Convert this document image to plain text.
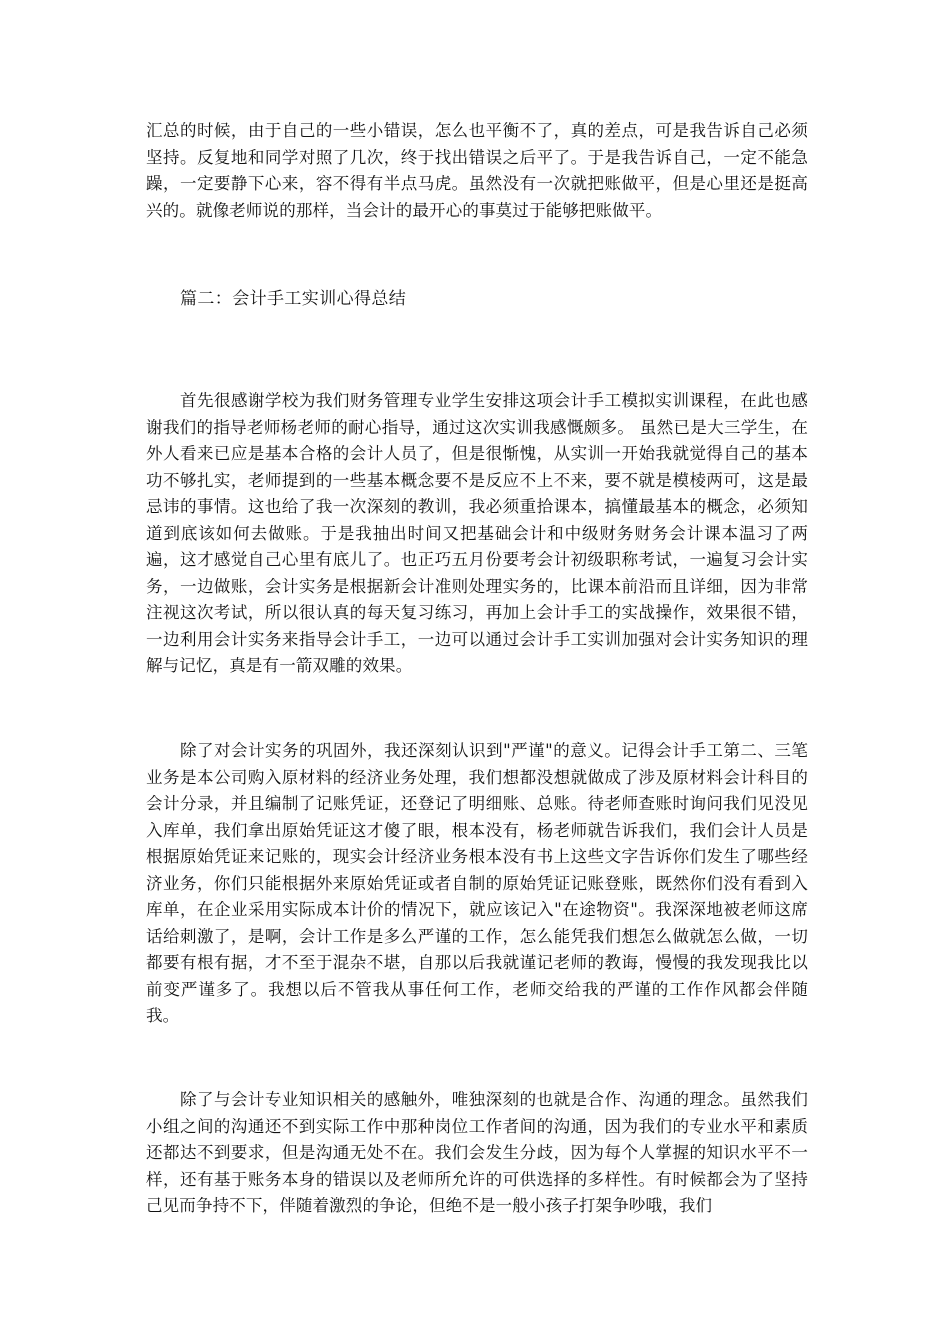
汇总的时候，由于自己的一些小错误，怎么也平衡不了，真的差点，可是我告诉自己必须坚持。反复地和同学对照了几次，终于找出错误之后平了。于是我告诉自己，一定不能急躁，一定要静下心来，容不得有半点马虎。虽然没有一次就把账做平，但是心里还是挺高兴的。就像老师说的那样，当会计的最开心的事莫过于能够把账做平。

篇二：会计手工实训心得总结

首先很感谢学校为我们财务管理专业学生安排这项会计手工模拟实训课程，在此也感谢我们的指导老师杨老师的耐心指导，通过这次实训我感慨颇多。 虽然已是大三学生，在外人看来已应是基本合格的会计人员了，但是很惭愧，从实训一开始我就觉得自己的基本功不够扎实，老师提到的一些基本概念要不是反应不上不来，要不就是模棱两可，这是最忌讳的事情。这也给了我一次深刻的教训，我必须重拾课本，搞懂最基本的概念，必须知道到底该如何去做账。于是我抽出时间又把基础会计和中级财务财务会计课本温习了两遍，这才感觉自己心里有底儿了。也正巧五月份要考会计初级职称考试，一遍复习会计实务，一边做账，会计实务是根据新会计准则处理实务的，比课本前沿而且详细，因为非常注视这次考试，所以很认真的每天复习练习，再加上会计手工的实战操作，效果很不错，一边利用会计实务来指导会计手工，一边可以通过会计手工实训加强对会计实务知识的理解与记忆，真是有一箭双雕的效果。

除了对会计实务的巩固外，我还深刻认识到"严谨"的意义。记得会计手工第二、三笔业务是本公司购入原材料的经济业务处理，我们想都没想就做成了涉及原材料会计科目的会计分录，并且编制了记账凭证，还登记了明细账、总账。待老师查账时询问我们见没见入库单，我们拿出原始凭证这才傻了眼，根本没有，杨老师就告诉我们，我们会计人员是根据原始凭证来记账的，现实会计经济业务根本没有书上这些文字告诉你们发生了哪些经济业务，你们只能根据外来原始凭证或者自制的原始凭证记账登账，既然你们没有看到入库单，在企业采用实际成本计价的情况下，就应该记入"在途物资"。我深深地被老师这席话给刺激了，是啊，会计工作是多么严谨的工作，怎么能凭我们想怎么做就怎么做，一切都要有根有据，才不至于混杂不堪，自那以后我就谨记老师的教诲，慢慢的我发现我比以前变严谨多了。我想以后不管我从事任何工作，老师交给我的严谨的工作作风都会伴随我。

除了与会计专业知识相关的感触外，唯独深刻的也就是合作、沟通的理念。虽然我们小组之间的沟通还不到实际工作中那种岗位工作者间的沟通，因为我们的专业水平和素质还都达不到要求，但是沟通无处不在。我们会发生分歧，因为每个人掌握的知识水平不一样，还有基于账务本身的错误以及老师所允许的可供选择的多样性。有时候都会为了坚持己见而争持不下，伴随着激烈的争论，但绝不是一般小孩子打架争吵哦，我们
